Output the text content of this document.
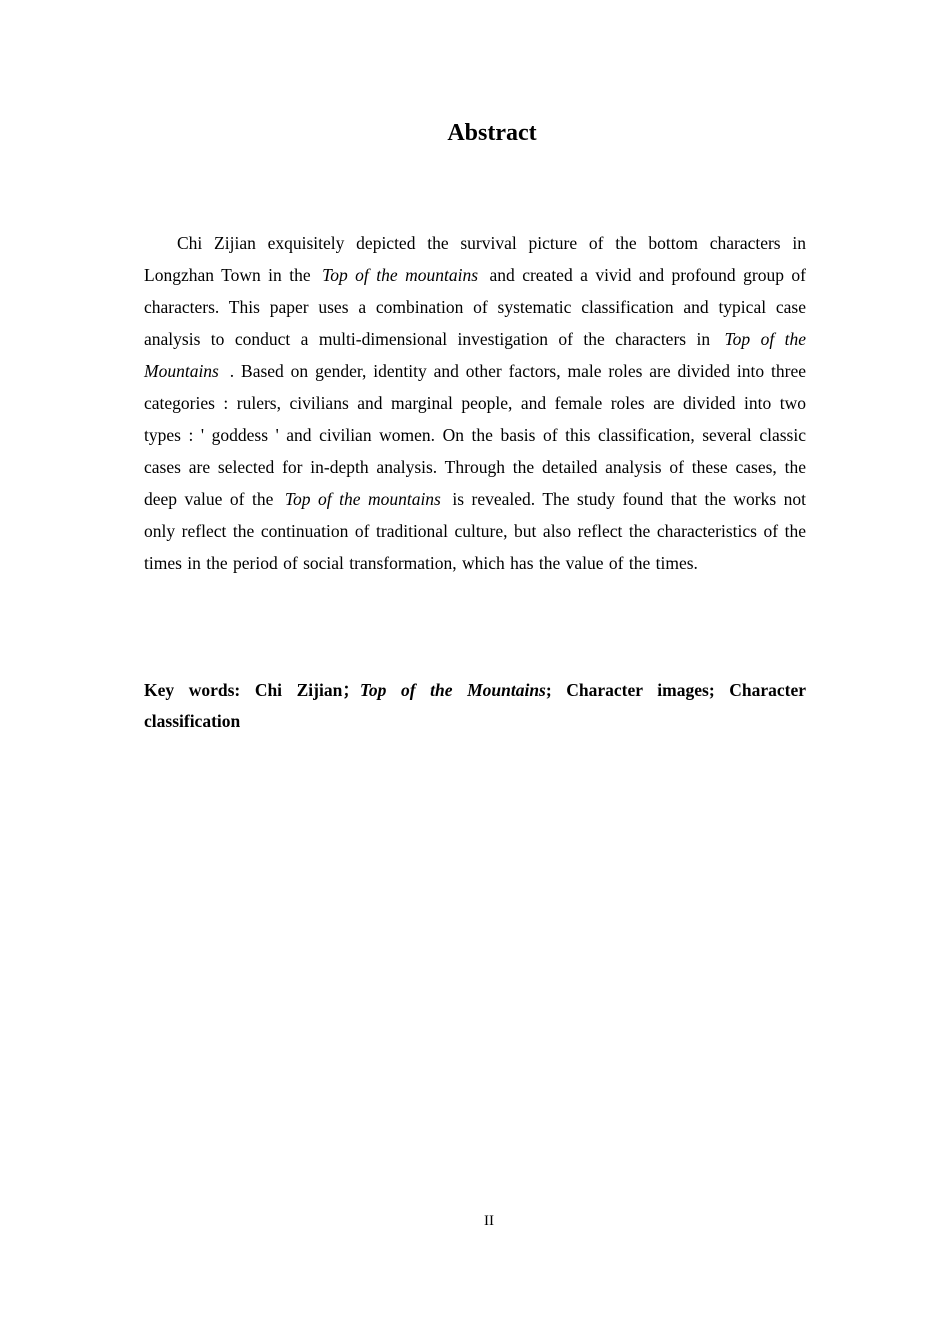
Abstract

Chi Zijian exquisitely depicted the survival picture of the bottom characters in Longzhan Town in the Top of the mountains and created a vivid and profound group of characters. This paper uses a combination of systematic classification and typical case analysis to conduct a multi-dimensional investigation of the characters in Top of the Mountains . Based on gender, identity and other factors, male roles are divided into three categories : rulers, civilians and marginal people, and female roles are divided into two types : ' goddess ' and civilian women. On the basis of this classification, several classic cases are selected for in-depth analysis. Through the detailed analysis of these cases, the deep value of the Top of the mountains is revealed. The study found that the works not only reflect the continuation of traditional culture, but also reflect the characteristics of the times in the period of social transformation, which has the value of the times.

Key words: Chi Zijian；Top of the Mountains; Character images; Character classification

II
